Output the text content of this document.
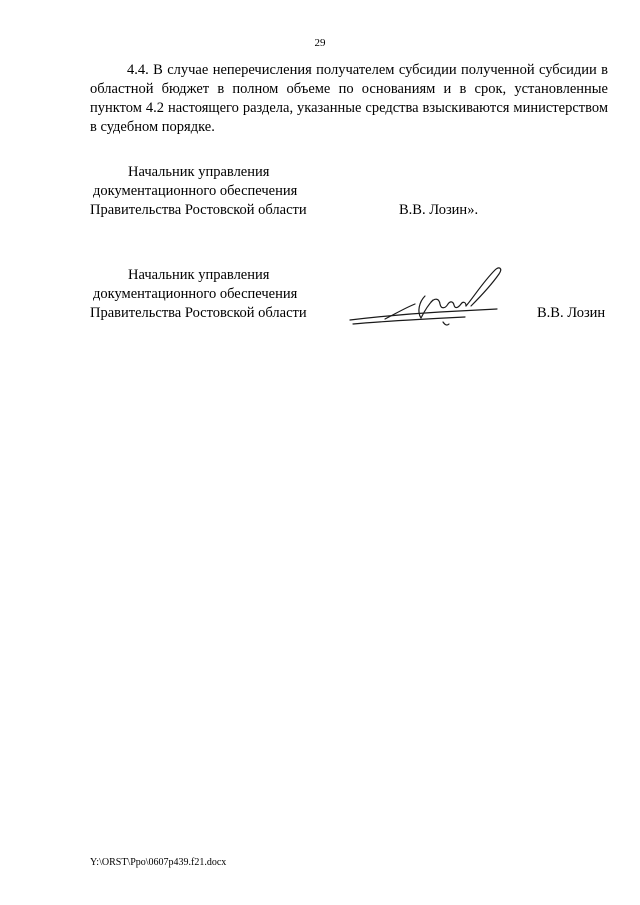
29

4.4. В случае неперечисления получателем субсидии полученной субсидии в областной бюджет в полном объеме по основаниям и в срок, установленные пунктом 4.2 настоящего раздела, указанные средства взыскиваются министерством в судебном порядке.

Начальник управления
документационного обеспечения
Правительства Ростовской области	В.В. Лозин».
Начальник управления
документационного обеспечения
Правительства Ростовской области	В.В. Лозин
Y:\ORST\Ppo\0607p439.f21.docx
